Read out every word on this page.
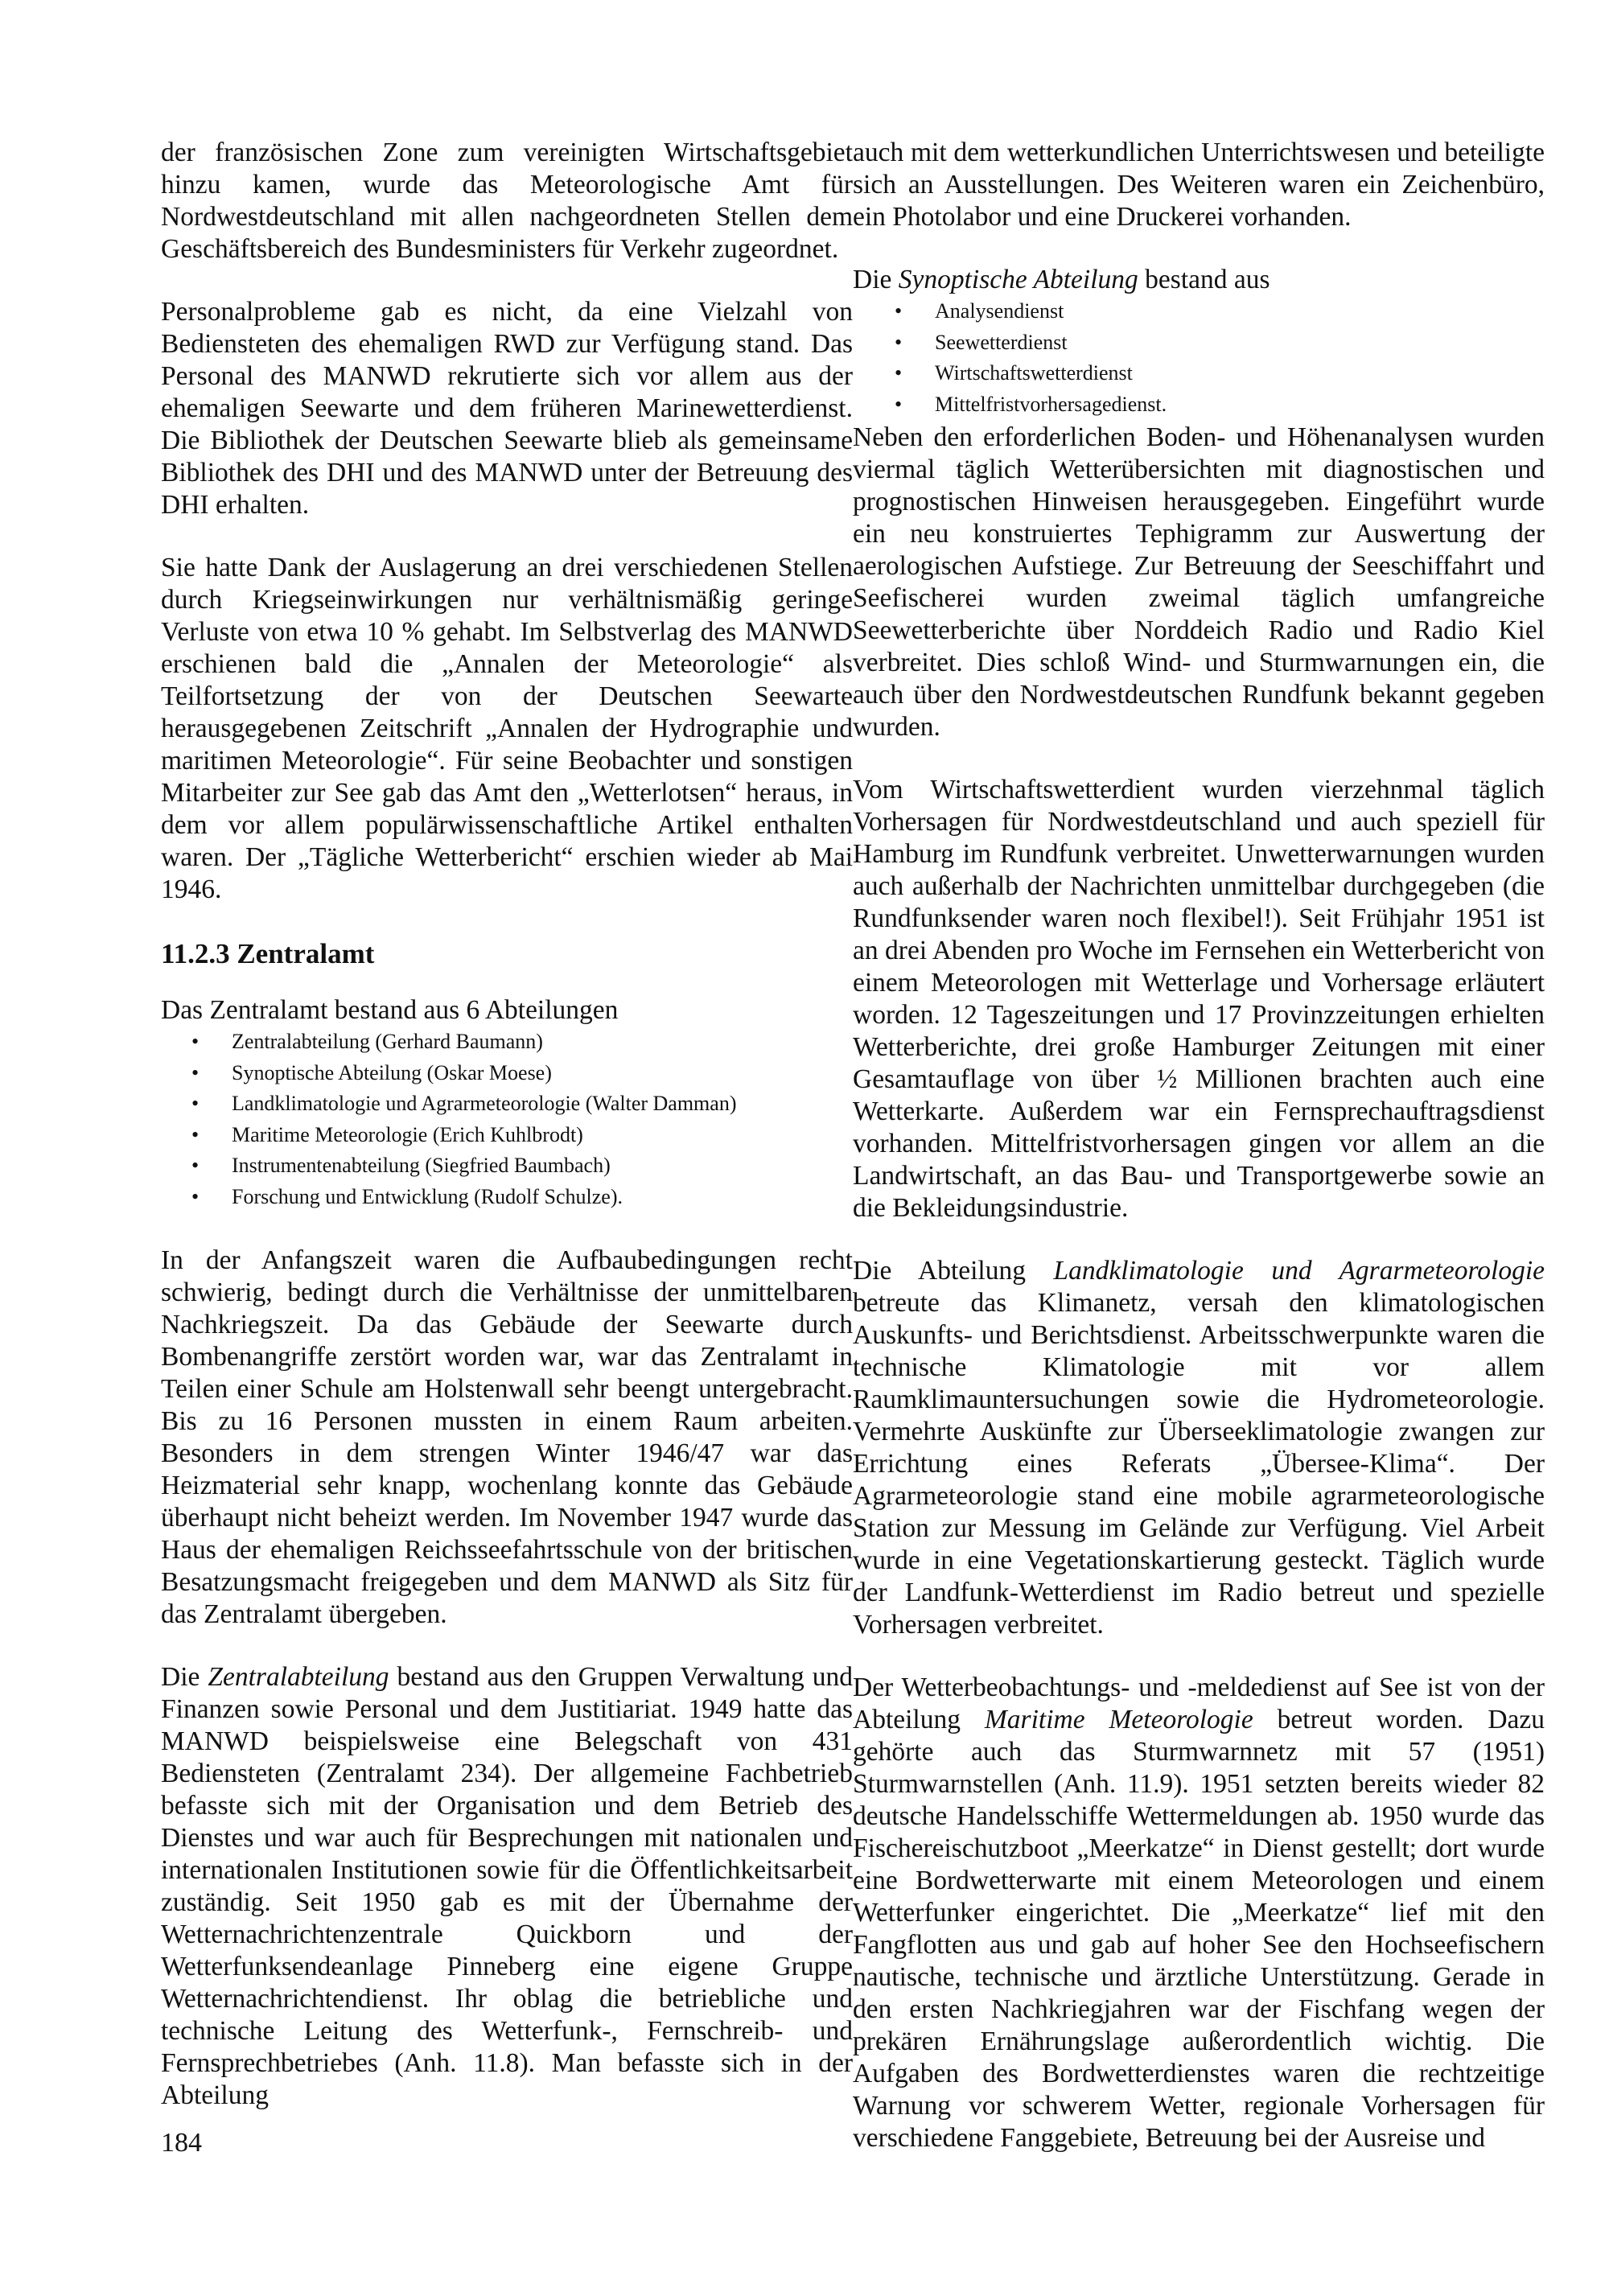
der französischen Zone zum vereinigten Wirtschaftsgebiet hinzu kamen, wurde das Meteorologische Amt für Nordwestdeutschland mit allen nachgeordneten Stellen dem Geschäftsbereich des Bundesministers für Verkehr zugeordnet.

Personalprobleme gab es nicht, da eine Vielzahl von Bediensteten des ehemaligen RWD zur Verfügung stand. Das Personal des MANWD rekrutierte sich vor allem aus der ehemaligen Seewarte und dem früheren Marinewetterdienst. Die Bibliothek der Deutschen Seewarte blieb als gemeinsame Bibliothek des DHI und des MANWD unter der Betreuung des DHI erhalten.

Sie hatte Dank der Auslagerung an drei verschiedenen Stellen durch Kriegseinwirkungen nur verhältnismäßig geringe Verluste von etwa 10 % gehabt. Im Selbstverlag des MANWD erschienen bald die „Annalen der Meteorologie“ als Teilfortsetzung der von der Deutschen Seewarte herausgegebenen Zeitschrift „Annalen der Hydrographie und maritimen Meteorologie“. Für seine Beobachter und sonstigen Mitarbeiter zur See gab das Amt den „Wetterlotsen“ heraus, in dem vor allem populärwissenschaftliche Artikel enthalten waren. Der „Tägliche Wetterbericht“ erschien wieder ab Mai 1946.

11.2.3 Zentralamt

Das Zentralamt bestand aus 6 Abteilungen

• Zentralabteilung (Gerhard Baumann)
• Synoptische Abteilung (Oskar Moese)
• Landklimatologie und Agrarmeteorologie (Walter Damman)
• Maritime Meteorologie (Erich Kuhlbrodt)
• Instrumentenabteilung (Siegfried Baumbach)
• Forschung und Entwicklung (Rudolf Schulze).

In der Anfangszeit waren die Aufbaubedingungen recht schwierig, bedingt durch die Verhältnisse der unmittelbaren Nachkriegszeit. Da das Gebäude der Seewarte durch Bombenangriffe zerstört worden war, war das Zentralamt in Teilen einer Schule am Holstenwall sehr beengt untergebracht. Bis zu 16 Personen mussten in einem Raum arbeiten. Besonders in dem strengen Winter 1946/47 war das Heizmaterial sehr knapp, wochenlang konnte das Gebäude überhaupt nicht beheizt werden. Im November 1947 wurde das Haus der ehemaligen Reichsseefahrtsschule von der britischen Besatzungsmacht freigegeben und dem MANWD als Sitz für das Zentralamt übergeben.

Die Zentralabteilung bestand aus den Gruppen Verwaltung und Finanzen sowie Personal und dem Justitiariat. 1949 hatte das MANWD beispielsweise eine Belegschaft von 431 Bediensteten (Zentralamt 234). Der allgemeine Fachbetrieb befasste sich mit der Organisation und dem Betrieb des Dienstes und war auch für Besprechungen mit nationalen und internationalen Institutionen sowie für die Öffentlichkeitsarbeit zuständig. Seit 1950 gab es mit der Übernahme der Wetternachrichtenzentrale Quickborn und der Wetterfunksendeanlage Pinneberg eine eigene Gruppe Wetternachrichtendienst. Ihr oblag die betriebliche und technische Leitung des Wetterfunk-, Fernschreib- und Fernsprechbetriebes (Anh. 11.8). Man befasste sich in der Abteilung

auch mit dem wetterkundlichen Unterrichtswesen und beteiligte sich an Ausstellungen. Des Weiteren waren ein Zeichenbüro, ein Photolabor und eine Druckerei vorhanden.

Die Synoptische Abteilung bestand aus

• Analysendienst
• Seewetterdienst
• Wirtschaftswetterdienst
• Mittelfristvorhersagedienst.

Neben den erforderlichen Boden- und Höhenanalysen wurden viermal täglich Wetterübersichten mit diagnostischen und prognostischen Hinweisen herausgegeben. Eingeführt wurde ein neu konstruiertes Tephigramm zur Auswertung der aerologischen Aufstiege. Zur Betreuung der Seeschiffahrt und Seefischerei wurden zweimal täglich umfangreiche Seewetterberichte über Norddeich Radio und Radio Kiel verbreitet. Dies schloß Wind- und Sturmwarnungen ein, die auch über den Nordwestdeutschen Rundfunk bekannt gegeben wurden.

Vom Wirtschaftswetterdient wurden vierzehnmal täglich Vorhersagen für Nordwestdeutschland und auch speziell für Hamburg im Rundfunk verbreitet. Unwetterwarnungen wurden auch außerhalb der Nachrichten unmittelbar durchgegeben (die Rundfunksender waren noch flexibel!). Seit Frühjahr 1951 ist an drei Abenden pro Woche im Fernsehen ein Wetterbericht von einem Meteorologen mit Wetterlage und Vorhersage erläutert worden. 12 Tageszeitungen und 17 Provinzzeitungen erhielten Wetterberichte, drei große Hamburger Zeitungen mit einer Gesamtauflage von über ½ Millionen brachten auch eine Wetterkarte. Außerdem war ein Fernsprechauftragsdienst vorhanden. Mittelfristvorhersagen gingen vor allem an die Landwirtschaft, an das Bau- und Transportgewerbe sowie an die Bekleidungsindustrie.

Die Abteilung Landklimatologie und Agrarmeteorologie betreute das Klimanetz, versah den klimatologischen Auskunfts- und Berichtsdienst. Arbeitsschwerpunkte waren die technische Klimatologie mit vor allem Raumklimauntersuchungen sowie die Hydrometeorologie. Vermehrte Auskünfte zur Überseeklimatologie zwangen zur Errichtung eines Referats „Übersee-Klima“. Der Agrarmeteorologie stand eine mobile agrarmeteorologische Station zur Messung im Gelände zur Verfügung. Viel Arbeit wurde in eine Vegetationskartierung gesteckt. Täglich wurde der Landfunk-Wetterdienst im Radio betreut und spezielle Vorhersagen verbreitet.

Der Wetterbeobachtungs- und -meldedienst auf See ist von der Abteilung Maritime Meteorologie betreut worden. Dazu gehörte auch das Sturmwarnnetz mit 57 (1951) Sturmwarnstellen (Anh. 11.9). 1951 setzten bereits wieder 82 deutsche Handelsschiffe Wettermeldungen ab. 1950 wurde das Fischereischutzboot „Meerkatze“ in Dienst gestellt; dort wurde eine Bordwetterwarte mit einem Meteorologen und einem Wetterfunker eingerichtet. Die „Meerkatze“ lief mit den Fangflotten aus und gab auf hoher See den Hochseefischern nautische, technische und ärztliche Unterstützung. Gerade in den ersten Nachkriegjahren war der Fischfang wegen der prekären Ernährungslage außerordentlich wichtig. Die Aufgaben des Bordwetterdienstes waren die rechtzeitige Warnung vor schwerem Wetter, regionale Vorhersagen für verschiedene Fanggebiete, Betreuung bei der Ausreise und

184
